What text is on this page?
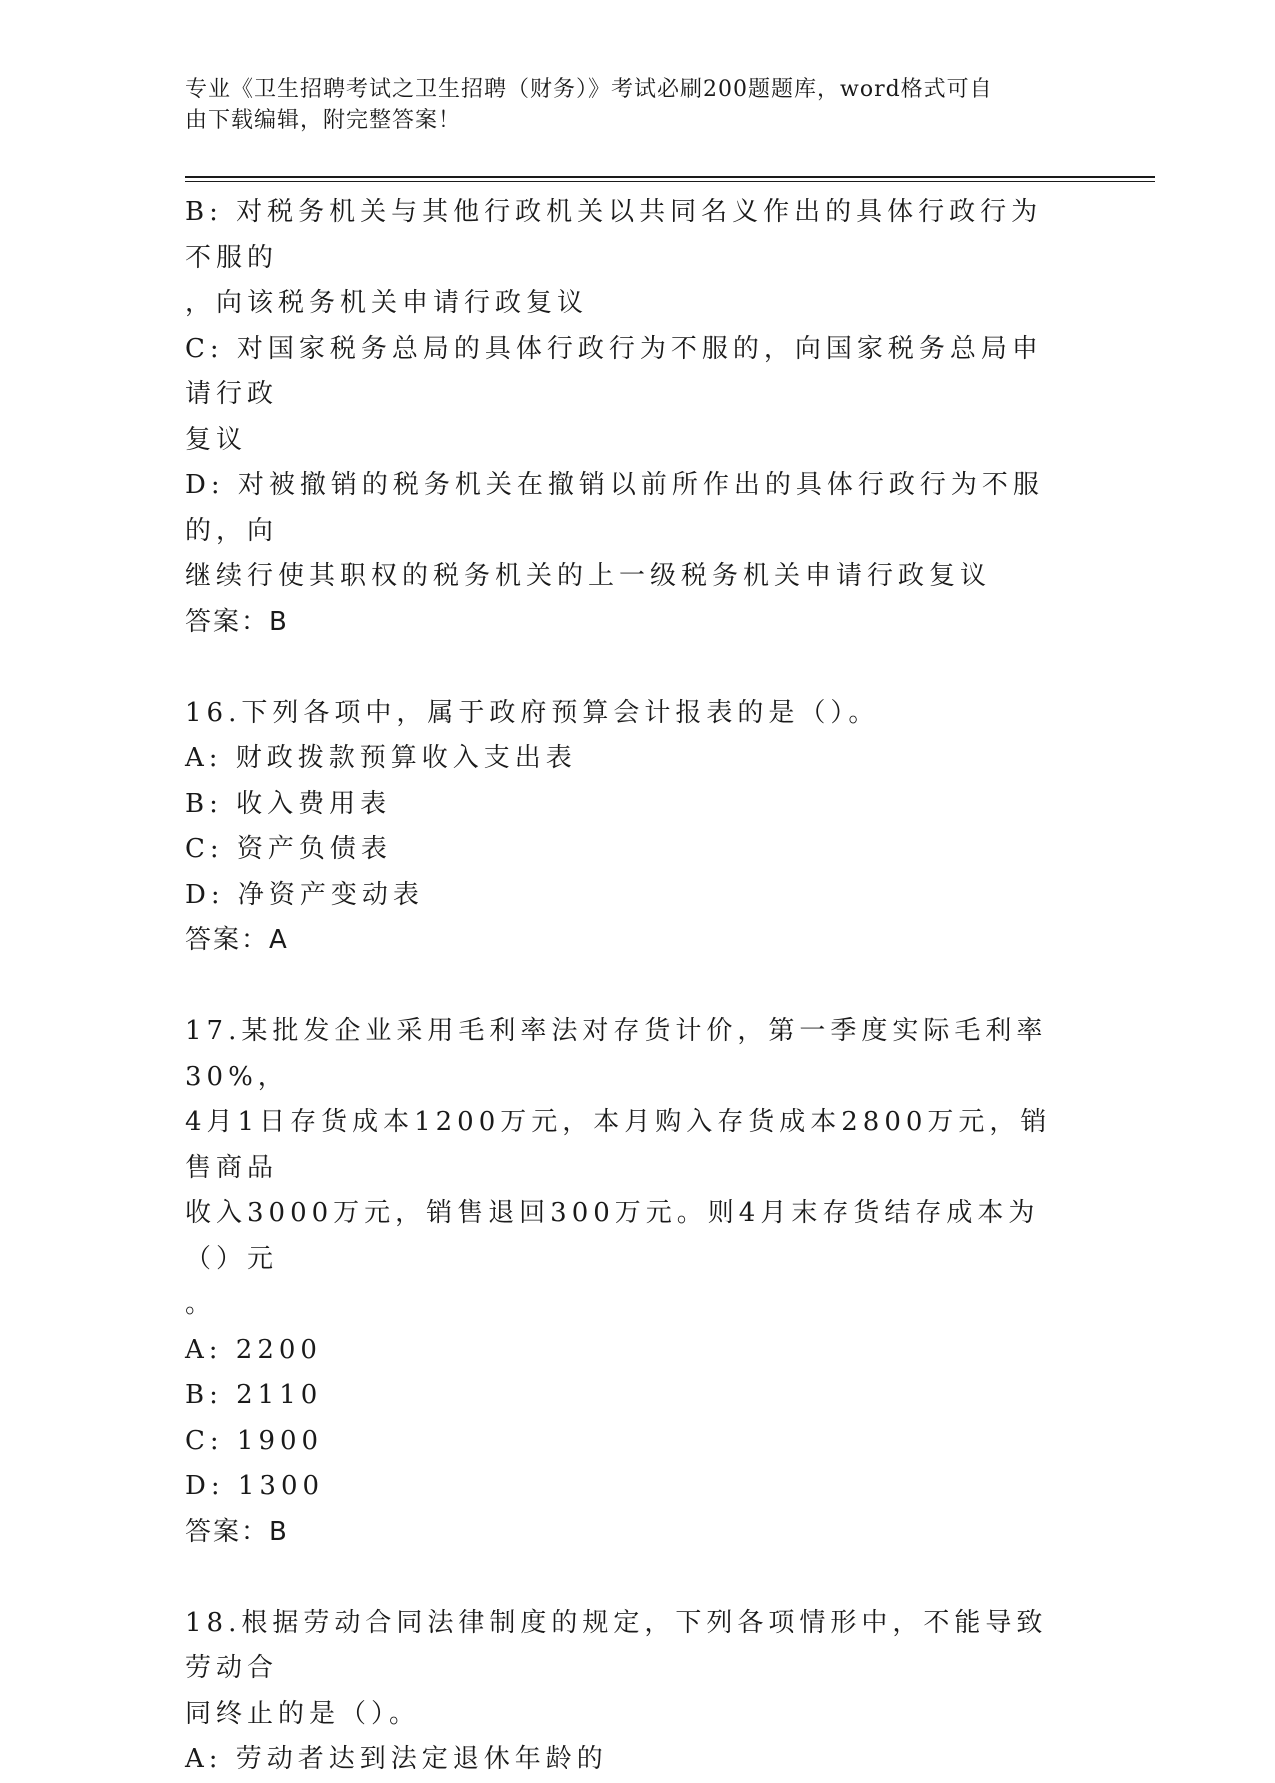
专业《卫生招聘考试之卫生招聘（财务）》考试必刷200题题库，word格式可自
由下载编辑，附完整答案！
B: 对税务机关与其他行政机关以共同名义作出的具体行政行为不服的
，向该税务机关申请行政复议
C: 对国家税务总局的具体行政行为不服的，向国家税务总局申请行政
复议
D: 对被撤销的税务机关在撤销以前所作出的具体行政行为不服的，向
继续行使其职权的税务机关的上一级税务机关申请行政复议
答案：B
16.下列各项中，属于政府预算会计报表的是（）。
A: 财政拨款预算收入支出表
B: 收入费用表
C: 资产负债表
D: 净资产变动表
答案：A
17.某批发企业采用毛利率法对存货计价，第一季度实际毛利率30%，
4月1日存货成本1200万元，本月购入存货成本2800万元，销售商品
收入3000万元，销售退回300万元。则4月末存货结存成本为（）元
。
A: 2200
B: 2110
C: 1900
D: 1300
答案：B
18.根据劳动合同法律制度的规定，下列各项情形中，不能导致劳动合
同终止的是（）。
A: 劳动者达到法定退休年龄的
